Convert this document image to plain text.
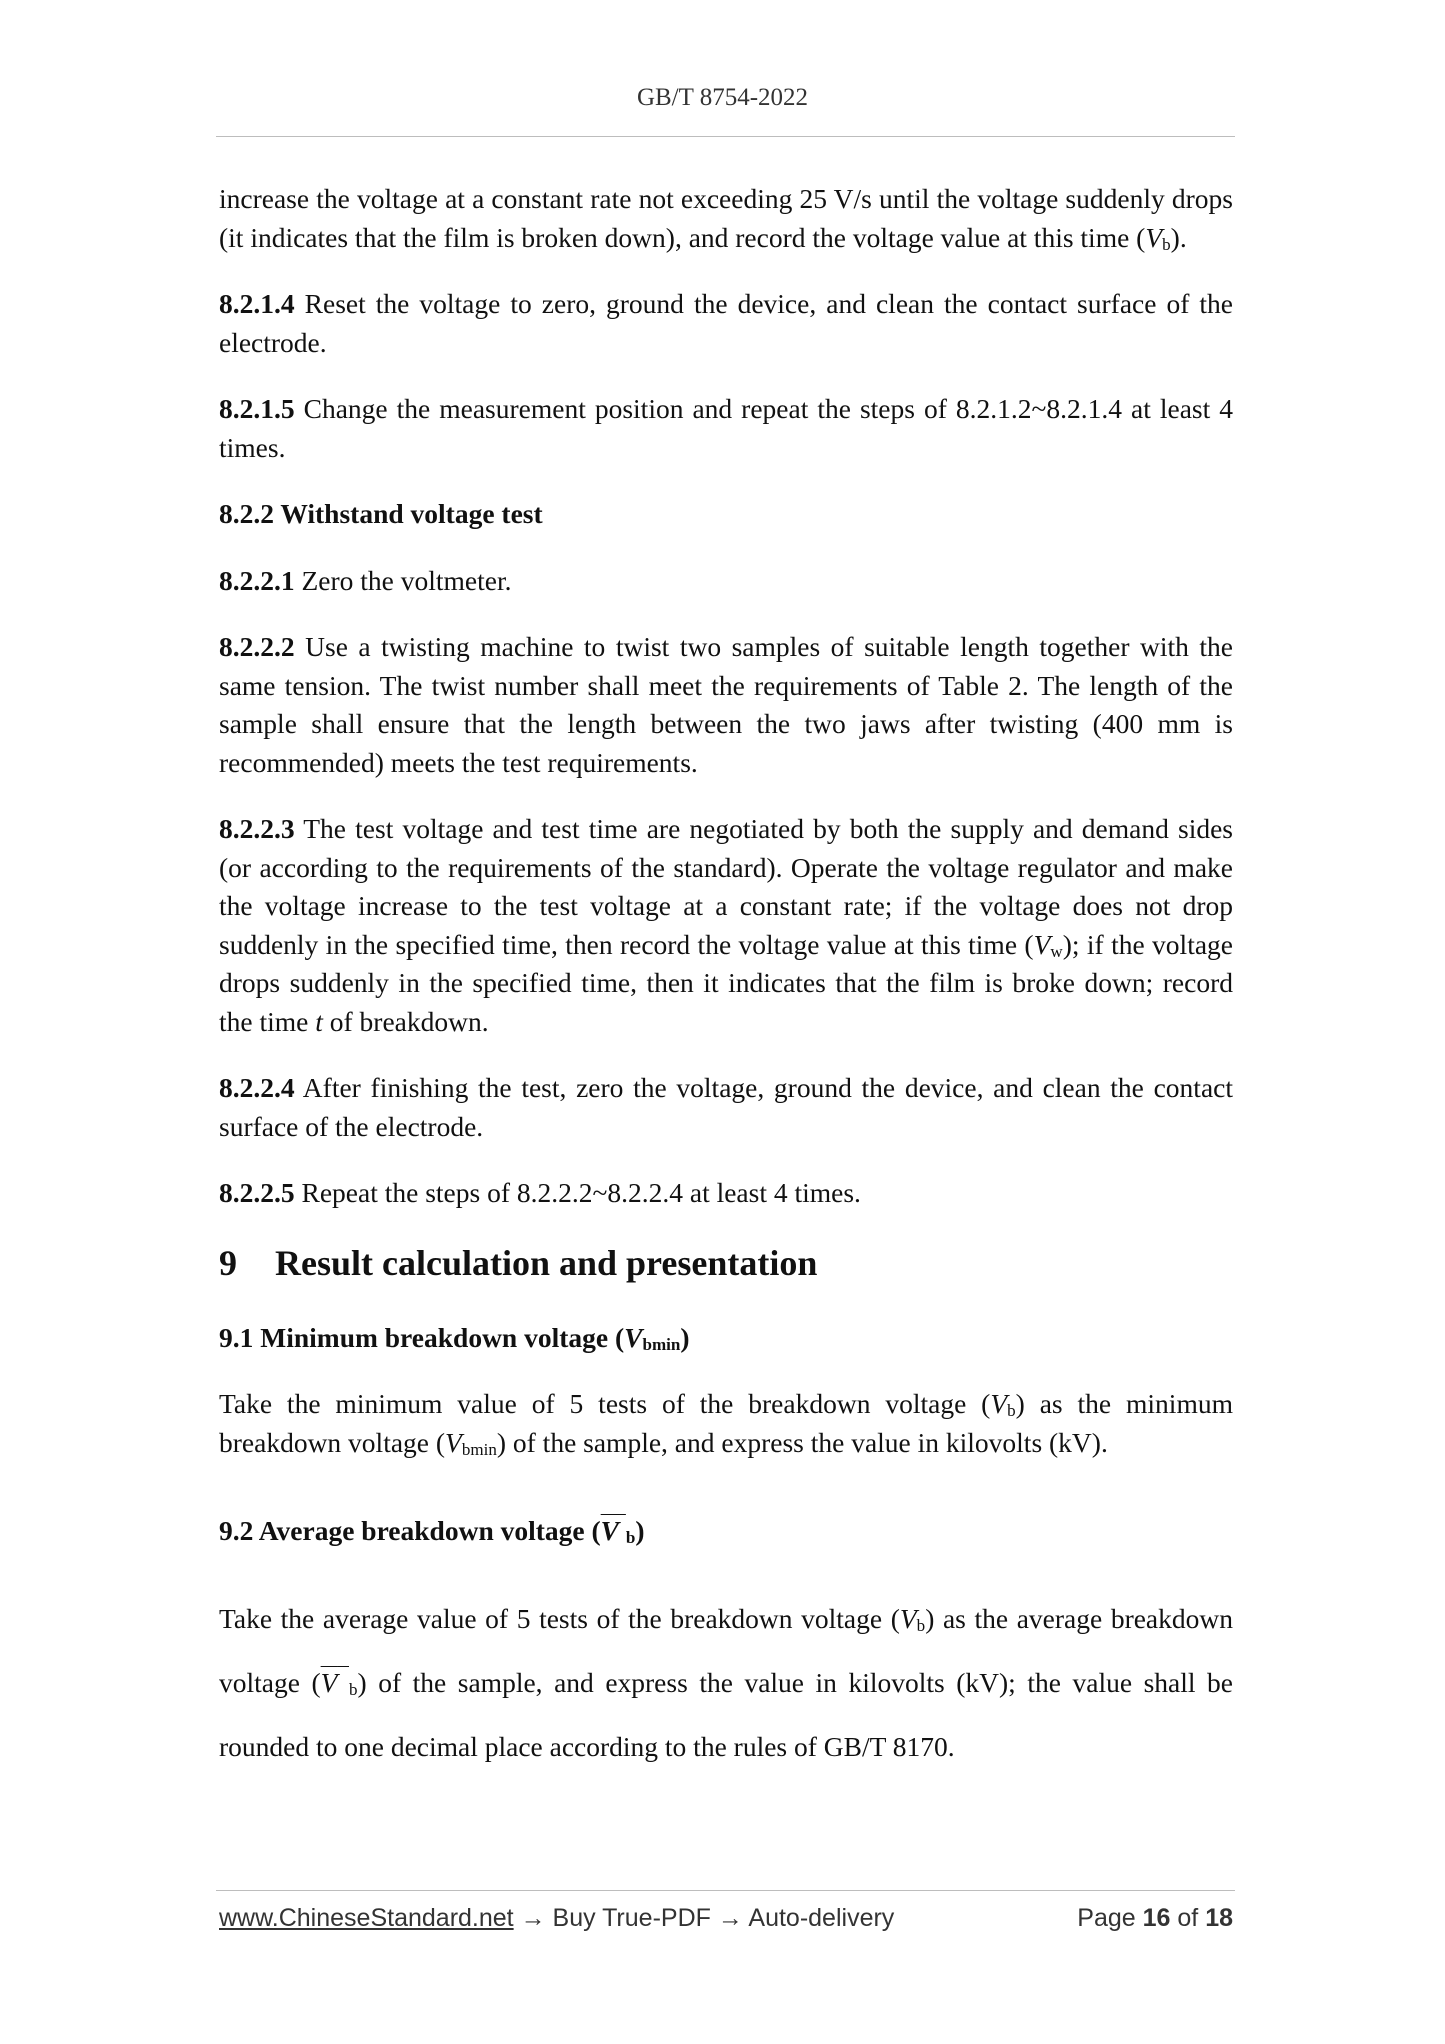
GB/T 8754-2022

increase the voltage at a constant rate not exceeding 25 V/s until the voltage suddenly drops (it indicates that the film is broken down), and record the voltage value at this time $(V_b)$.

8.2.1.4 Reset the voltage to zero, ground the device, and clean the contact surface of the electrode.

8.2.1.5 Change the measurement position and repeat the steps of 8.2.1.2~8.2.1.4 at least 4 times.

8.2.2 Withstand voltage test

8.2.2.1 Zero the voltmeter.

8.2.2.2 Use a twisting machine to twist two samples of suitable length together with the same tension. The twist number shall meet the requirements of Table 2. The length of the sample shall ensure that the length between the two jaws after twisting (400 mm is recommended) meets the test requirements.

8.2.2.3 The test voltage and test time are negotiated by both the supply and demand sides (or according to the requirements of the standard). Operate the voltage regulator and make the voltage increase to the test voltage at a constant rate; if the voltage does not drop suddenly in the specified time, then record the voltage value at this time $(V_w)$; if the voltage drops suddenly in the specified time, then it indicates that the film is broke down; record the time t of breakdown.

8.2.2.4 After finishing the test, zero the voltage, ground the device, and clean the contact surface of the electrode.

8.2.2.5 Repeat the steps of 8.2.2.2~8.2.2.4 at least 4 times.

9 Result calculation and presentation
9.1 Minimum breakdown voltage $(V_{bmin})$

Take the minimum value of 5 tests of the breakdown voltage $(V_b)$ as the minimum breakdown voltage $(V_{bmin})$ of the sample, and express the value in kilovolts (kV).

9.2 Average breakdown voltage (V $_b$)

Take the average value of 5 tests of the breakdown voltage $(V_b)$ as the average breakdown voltage (V $_b$) of the sample, and express the value in kilovolts (kV); the value shall be rounded to one decimal place according to the rules of GB/T 8170.

www.ChineseStandard.net → Buy True-PDF → Auto-delivery	Page 16 of 18
